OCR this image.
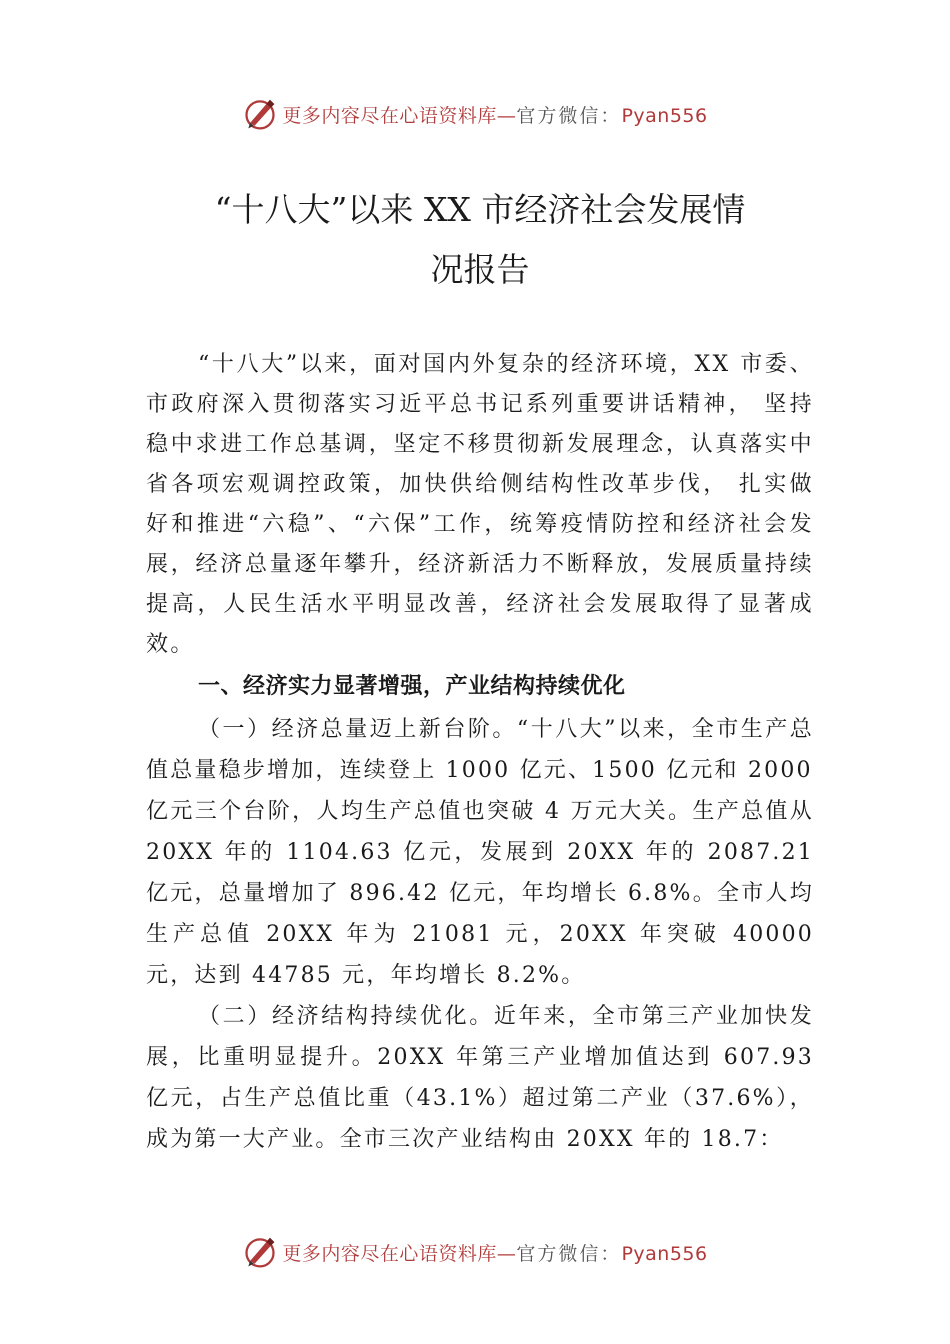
更多内容尽在心语资料库—官方微信：Pyan556
“十八大”以来 XX 市经济社会发展情
况报告

“十八大”以来，面对国内外复杂的经济环境，XX 市委、市政府深入贯彻落实习近平总书记系列重要讲话精神， 坚持稳中求进工作总基调，坚定不移贯彻新发展理念，认真落实中省各项宏观调控政策，加快供给侧结构性改革步伐， 扎实做好和推进“六稳”、“六保”工作，统筹疫情防控和经济社会发展，经济总量逐年攀升，经济新活力不断释放，发展质量持续提高，人民生活水平明显改善，经济社会发展取得了显著成效。

一、经济实力显著增强，产业结构持续优化

（一）经济总量迈上新台阶。“十八大”以来，全市生产总值总量稳步增加，连续登上 1000 亿元、1500 亿元和 2000

亿元三个台阶，人均生产总值也突破 4 万元大关。生产总值从 20XX 年的 1104.63 亿元，发展到 20XX 年的 2087.21 亿元，总量增加了 896.42 亿元，年均增长 6.8%。全市人均生产总值 20XX 年为 21081 元，20XX 年突破 40000 元，达到 44785 元，年均增长 8.2%。

（二）经济结构持续优化。近年来，全市第三产业加快发展，比重明显提升。20XX 年第三产业增加值达到 607.93 亿元，占生产总值比重（43.1%）超过第二产业（37.6%），成为第一大产业。全市三次产业结构由 20XX 年的 18.7：

更多内容尽在心语资料库—官方微信：Pyan556
